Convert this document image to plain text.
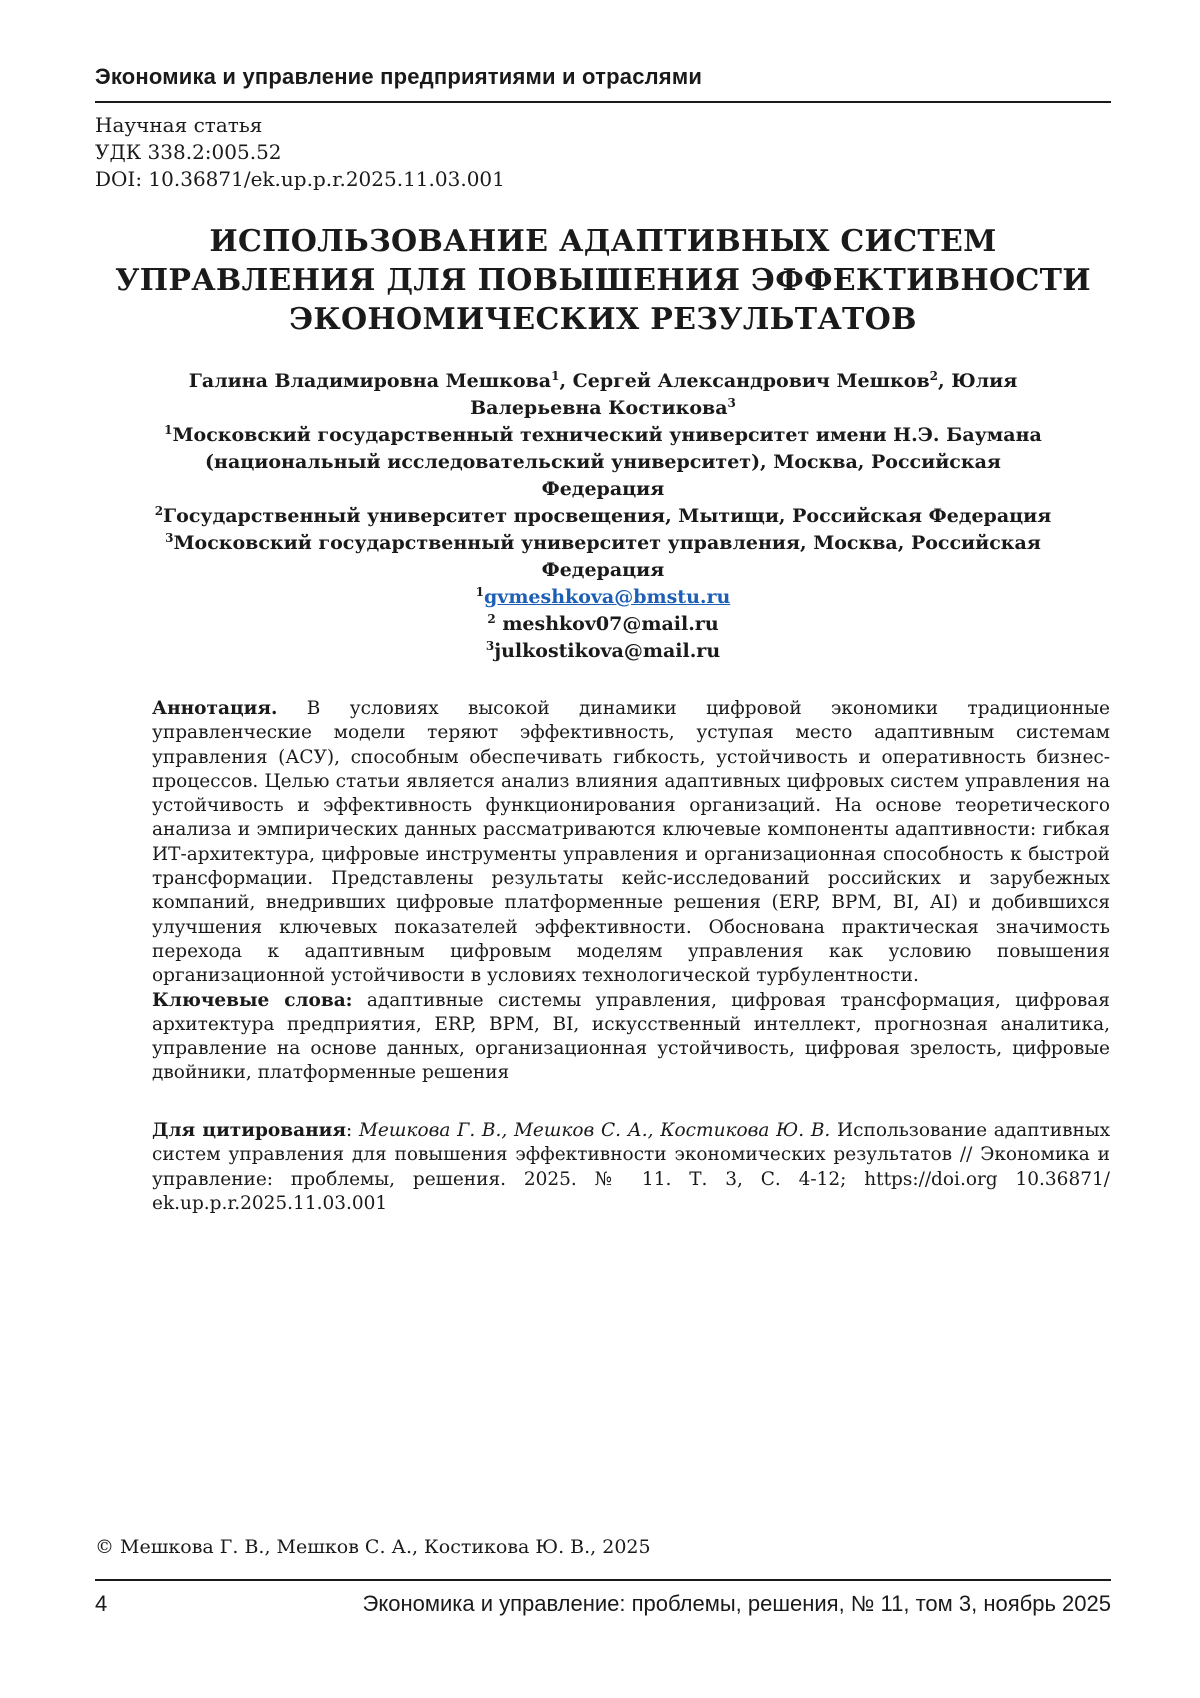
Экономика и управление предприятиями и отраслями
Научная статья
УДК 338.2:005.52
DOI: 10.36871/ek.up.p.r.2025.11.03.001
ИСПОЛЬЗОВАНИЕ АДАПТИВНЫХ СИСТЕМ
УПРАВЛЕНИЯ ДЛЯ ПОВЫШЕНИЯ ЭФФЕКТИВНОСТИ
ЭКОНОМИЧЕСКИХ РЕЗУЛЬТАТОВ
Галина Владимировна Мешкова$^1$, Сергей Александрович Мешков$^2$, Юлия
Валерьевна Костикова$^3$
$^1$Московский государственный технический университет имени Н.Э. Баумана
(национальный исследовательский университет), Москва, Российская
Федерация
$^2$Государственный университет просвещения, Мытищи, Российская Федерация
$^3$Московский государственный университет управления, Москва, Российская
Федерация
$^1$gvmeshkova@bmstu.ru
$^2$ meshkov07@mail.ru
$^3$julkostikova@mail.ru

Аннотация. В условиях высокой динамики цифровой экономики традиционные управленческие модели теряют эффективность, уступая место адаптивным системам управления (АСУ), способным обеспечивать гибкость, устойчивость и оперативность бизнес-процессов. Целью статьи является анализ влияния адаптивных цифровых систем управления на устойчивость и эффективность функционирования организаций. На основе теоретического анализа и эмпирических данных рассматриваются ключевые компоненты адаптивности: гибкая ИТ-архитектура, цифровые инструменты управления и организационная способность к быстрой трансформации. Представлены результаты кейс-исследований российских и зарубежных компаний, внедривших цифровые платформенные решения (ERP, BPM, BI, AI) и добившихся улучшения ключевых показателей эффективности. Обоснована практическая значимость перехода к адаптивным цифровым моделям управления как условию повышения организационной устойчивости в условиях технологической турбулентности.

Ключевые слова: адаптивные системы управления, цифровая трансформация, цифровая архитектура предприятия, ERP, BPM, BI, искусственный интеллект, прогнозная аналитика, управление на основе данных, организационная устойчивость, цифровая зрелость, цифровые двойники, платформенные решения

Для цитирования: Мешкова Г. В., Мешков С. А., Костикова Ю. В. Использование адаптивных систем управления для повышения эффективности экономических результатов // Экономика и управление: проблемы, решения. 2025. № 11. Т. 3, С. 4-12; https://doi.org 10.36871/ ek.up.p.r.2025.11.03.001
© Мешкова Г. В., Мешков С. А., Костикова Ю. В., 2025
4	Экономика и управление: проблемы, решения, № 11, том 3, ноябрь 2025
